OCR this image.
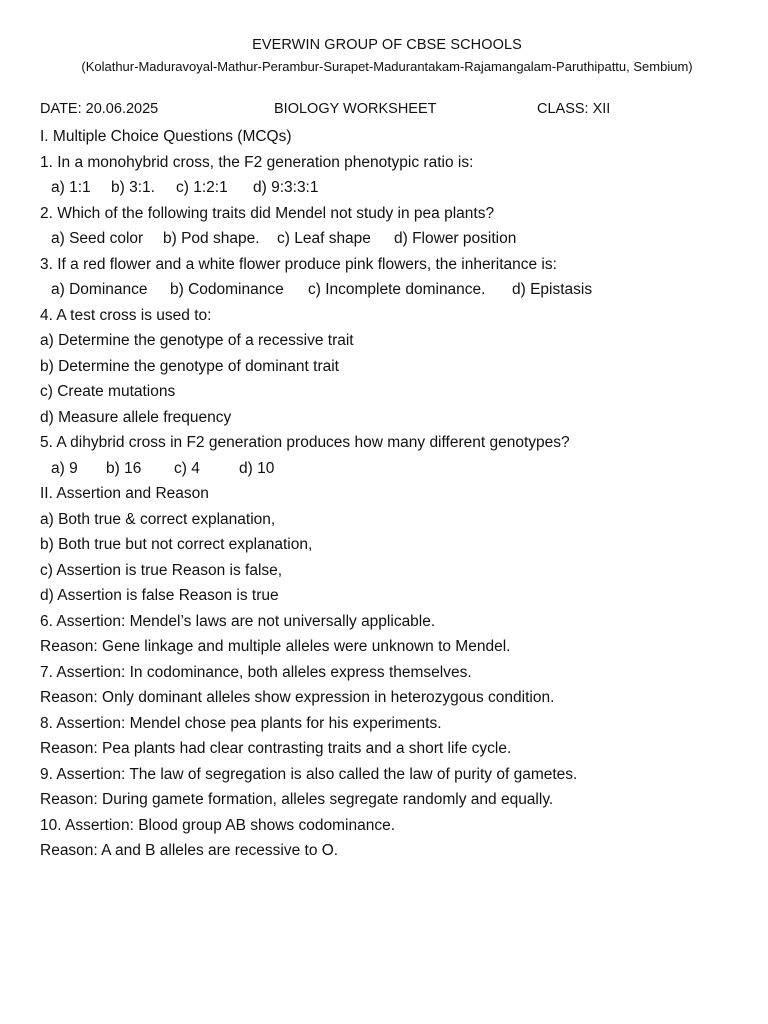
EVERWIN GROUP OF CBSE SCHOOLS
(Kolathur-Maduravoyal-Mathur-Perambur-Surapet-Madurantakam-Rajamangalam-Paruthipattu, Sembium)
DATE: 20.06.2025	BIOLOGY WORKSHEET	CLASS: XII
I. Multiple Choice Questions (MCQs)
1. In a monohybrid cross, the F2 generation phenotypic ratio is:
a) 1:1 b) 3:1. c) 1:2:1 d) 9:3:3:1
2. Which of the following traits did Mendel not study in pea plants?
a) Seed color b) Pod shape. c) Leaf shape d) Flower position
3. If a red flower and a white flower produce pink flowers, the inheritance is:
a) Dominance b) Codominance c) Incomplete dominance. d) Epistasis
4. A test cross is used to:
a) Determine the genotype of a recessive trait
b) Determine the genotype of dominant trait
c) Create mutations
d) Measure allele frequency
5. A dihybrid cross in F2 generation produces how many different genotypes?
a) 9 b) 16 c) 4	d) 10
II. Assertion and Reason
a) Both true & correct explanation,
b) Both true but not correct explanation,
c) Assertion is true Reason is false,
d) Assertion is false Reason is true
6. Assertion: Mendel’s laws are not universally applicable.
Reason: Gene linkage and multiple alleles were unknown to Mendel.
7. Assertion: In codominance, both alleles express themselves.
Reason: Only dominant alleles show expression in heterozygous condition.
8. Assertion: Mendel chose pea plants for his experiments.
Reason: Pea plants had clear contrasting traits and a short life cycle.
9. Assertion: The law of segregation is also called the law of purity of gametes.
Reason: During gamete formation, alleles segregate randomly and equally.
10. Assertion: Blood group AB shows codominance.
Reason: A and B alleles are recessive to O.
